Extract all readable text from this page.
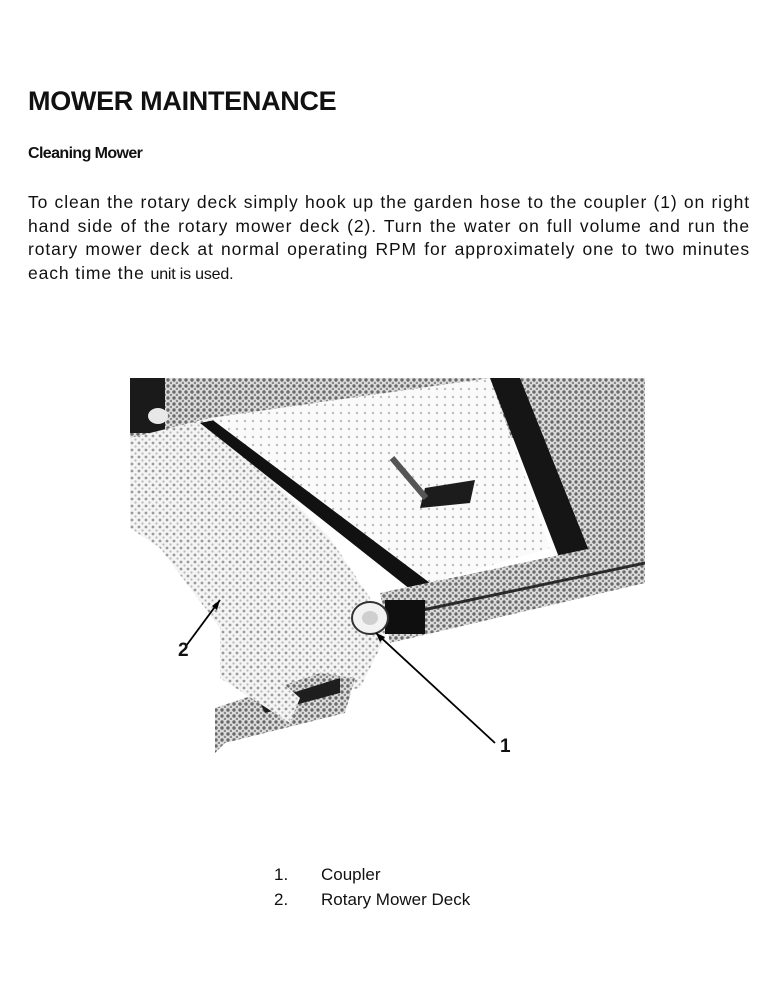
MOWER MAINTENANCE
Cleaning Mower

To clean the rotary deck simply hook up the garden hose to the coupler (1) on right hand side of the rotary mower deck (2). Turn the water on full volume and run the rotary mower deck at normal operating RPM for approximately one to two minutes each time the unit is used.

2
1
1.	Coupler
2.	Rotary Mower Deck
